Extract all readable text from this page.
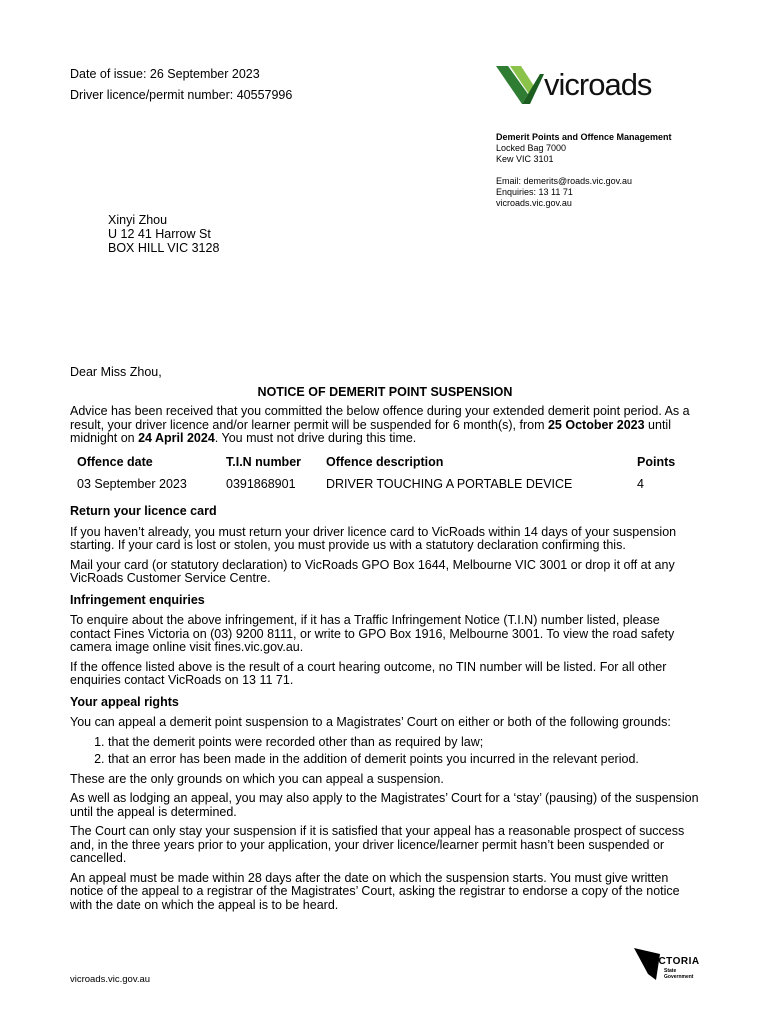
Date of issue: 26 September 2023
Driver licence/permit number: 40557996	vicroads
Demerit Points and Offence Management
Locked Bag 7000
Kew VIC 3101
Email: demerits@roads.vic.gov.au
Enquiries: 13 11 71
vicroads.vic.gov.au
Xinyi Zhou
U 12 41 Harrow St
BOX HILL VIC 3128

Dear Miss Zhou,

NOTICE OF DEMERIT POINT SUSPENSION

Advice has been received that you committed the below offence during your extended demerit point period. As a result, your driver licence and/or learner permit will be suspended for 6 month(s), from 25 October 2023 until midnight on 24 April 2024. You must not drive during this time.

Offence date	T.I.N number	Offence description	Points
03 September 2023	0391868901	DRIVER TOUCHING A PORTABLE DEVICE	4

Return your licence card

If you haven’t already, you must return your driver licence card to VicRoads within 14 days of your suspension starting. If your card is lost or stolen, you must provide us with a statutory declaration confirming this.

Mail your card (or statutory declaration) to VicRoads GPO Box 1644, Melbourne VIC 3001 or drop it off at any VicRoads Customer Service Centre.

Infringement enquiries

To enquire about the above infringement, if it has a Traffic Infringement Notice (T.I.N) number listed, please contact Fines Victoria on (03) 9200 8111, or write to GPO Box 1916, Melbourne 3001. To view the road safety camera image online visit fines.vic.gov.au.

If the offence listed above is the result of a court hearing outcome, no TIN number will be listed. For all other enquiries contact VicRoads on 13 11 71.

Your appeal rights

You can appeal a demerit point suspension to a Magistrates’ Court on either or both of the following grounds:

1. that the demerit points were recorded other than as required by law;
2. that an error has been made in the addition of demerit points you incurred in the relevant period.

These are the only grounds on which you can appeal a suspension.

As well as lodging an appeal, you may also apply to the Magistrates’ Court for a ‘stay’ (pausing) of the suspension until the appeal is determined.

The Court can only stay your suspension if it is satisfied that your appeal has a reasonable prospect of success and, in the three years prior to your application, your driver licence/learner permit hasn’t been suspended or cancelled.

An appeal must be made within 28 days after the date on which the suspension starts. You must give written notice of the appeal to a registrar of the Magistrates’ Court, asking the registrar to endorse a copy of the notice with the date on which the appeal is to be heard.

vicroads.vic.gov.au
VICTORIA
State
Government
